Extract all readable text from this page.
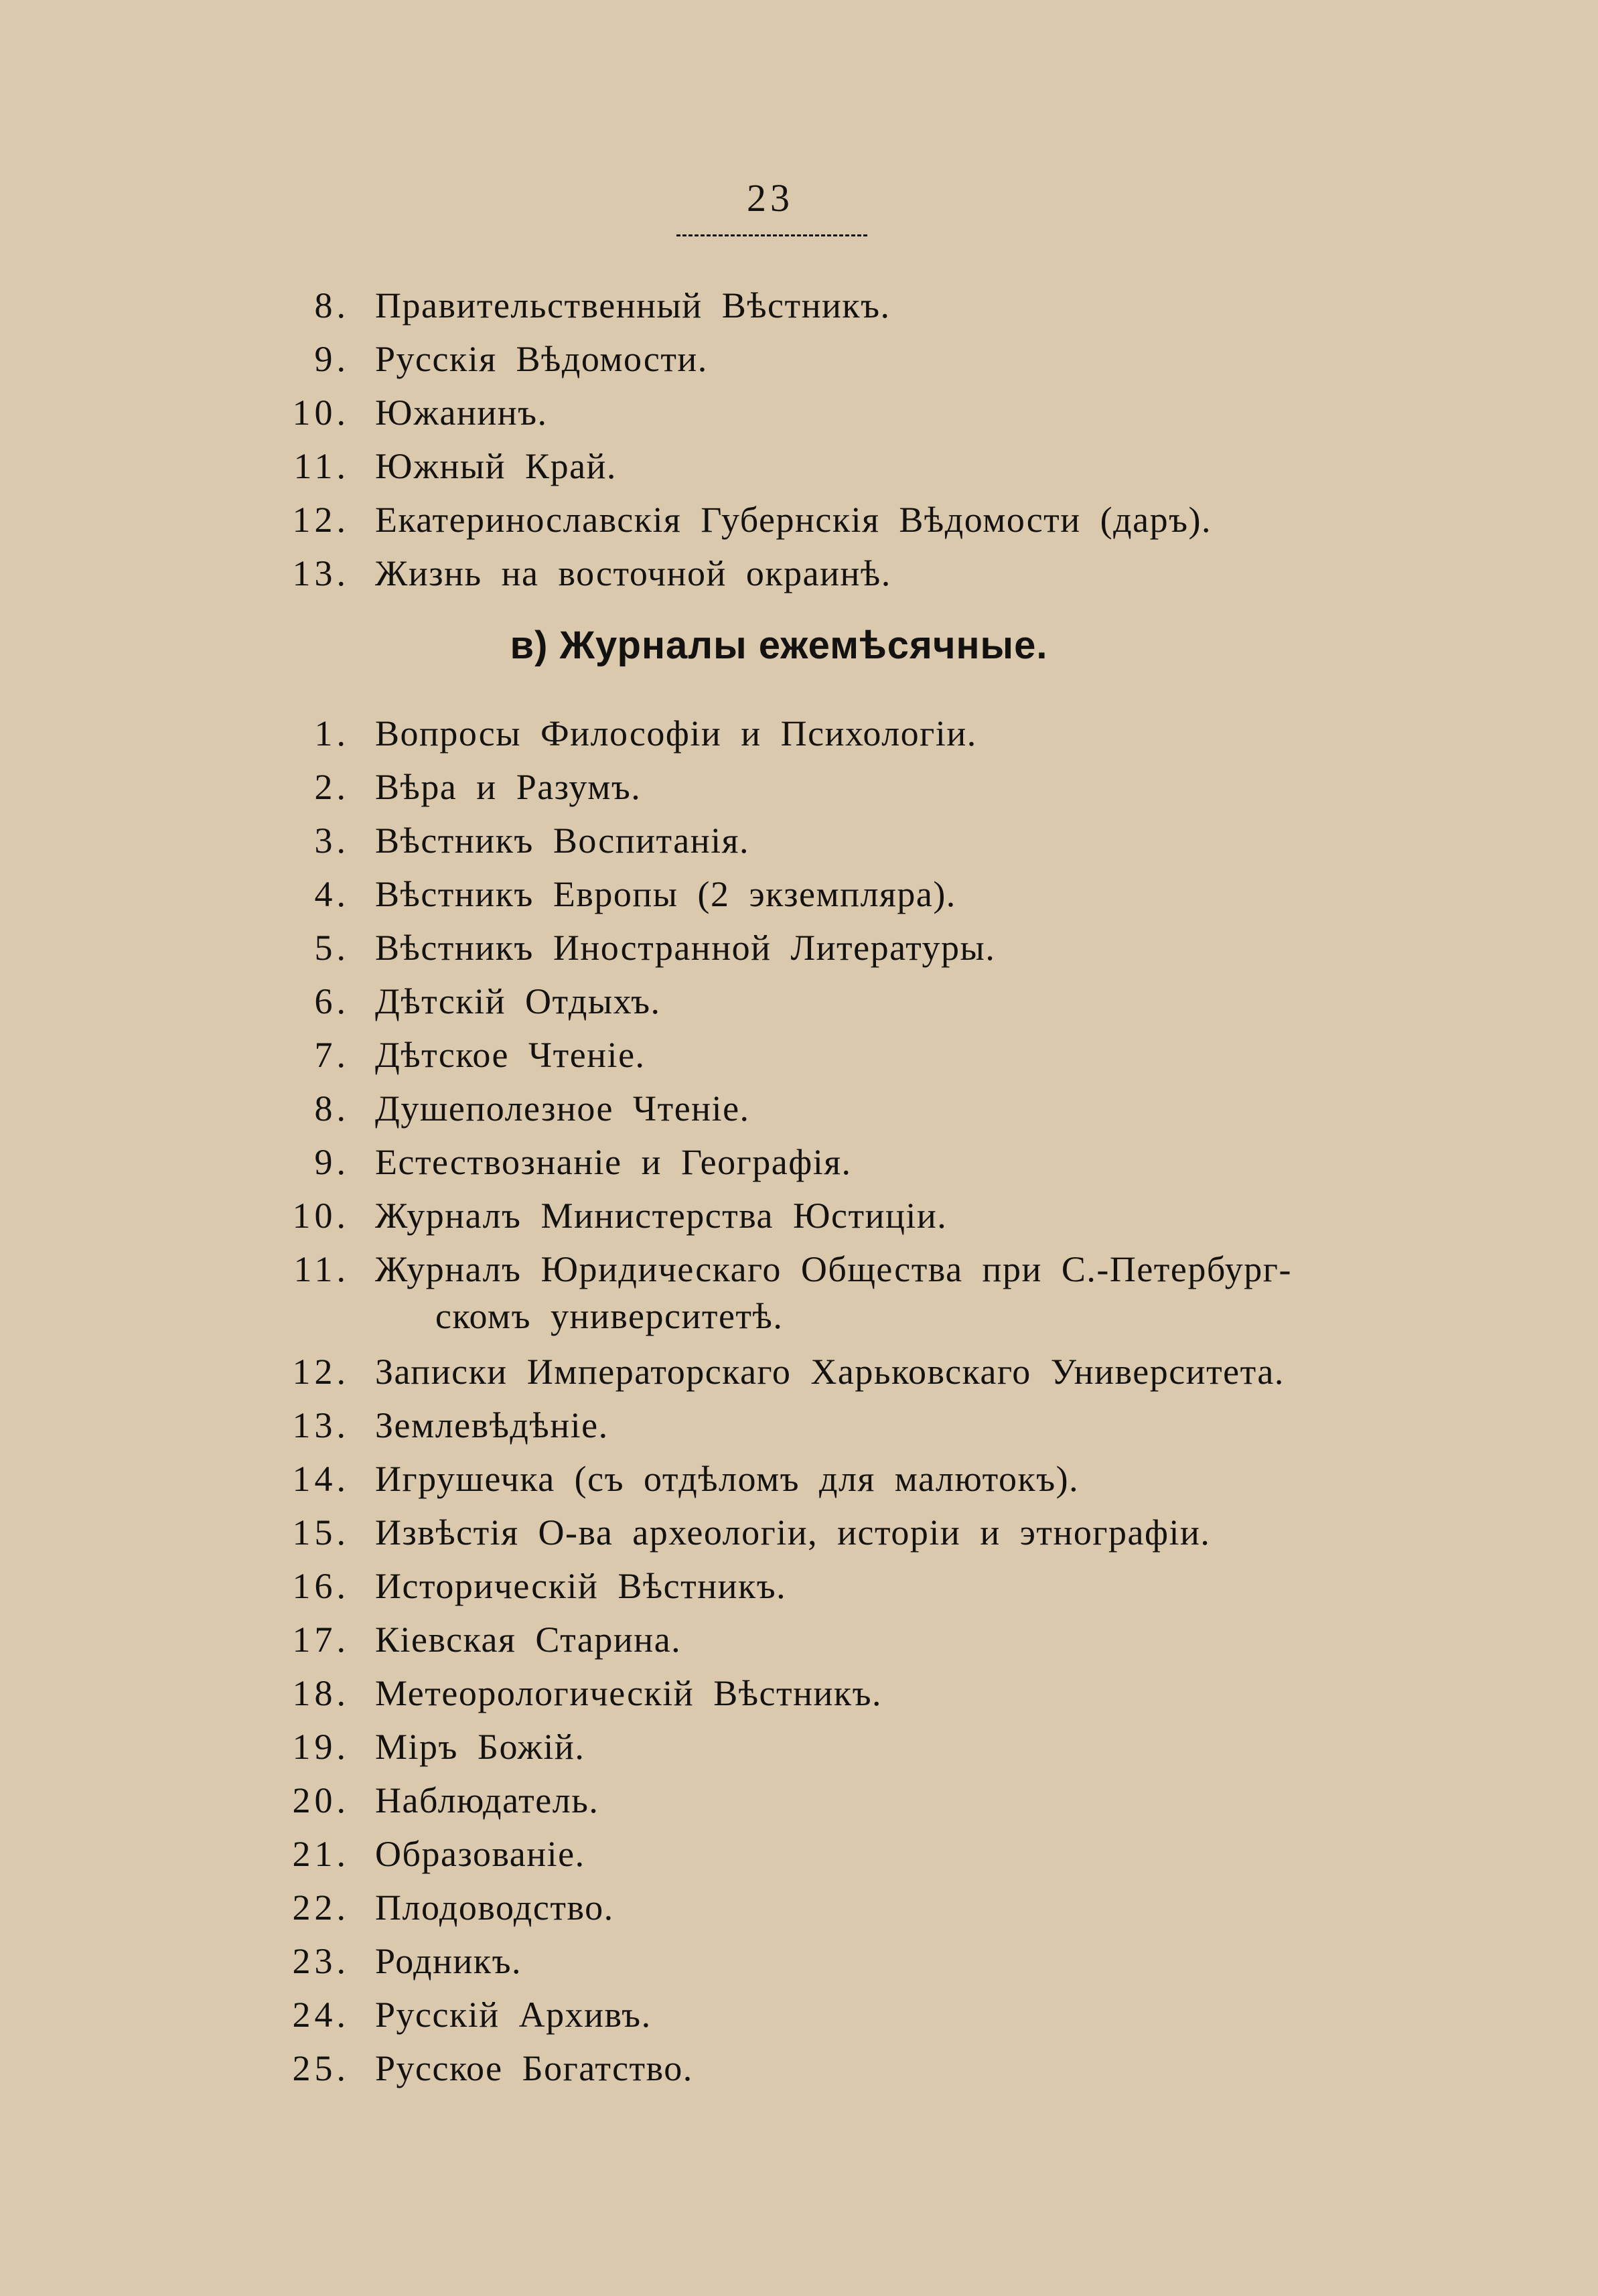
23
8. Правительственный Вѣстникъ.
9. Русскія Вѣдомости.
10. Южанинъ.
11. Южный Край.
12. Екатеринославскія Губернскія Вѣдомости (даръ).
13. Жизнь на восточной окраинѣ.
в) Журналы ежемѣсячные.
1. Вопросы Философіи и Психологіи.
2. Вѣра и Разумъ.
3. Вѣстникъ Воспитанія.
4. Вѣстникъ Европы (2 экземпляра).
5. Вѣстникъ Иностранной Литературы.
6. Дѣтскій Отдыхъ.
7. Дѣтское Чтеніе.
8. Душеполезное Чтеніе.
9. Естествознаніе и Географія.
10. Журналъ Министерства Юстиціи.
11. Журналъ Юридическаго Общества при С.-Петербург-
скомъ университетѣ.
12. Записки Императорскаго Харьковскаго Университета.
13. Землевѣдѣніе.
14. Игрушечка (съ отдѣломъ для малютокъ).
15. Извѣстія О-ва археологіи, исторіи и этнографіи.
16. Историческій Вѣстникъ.
17. Кіевская Старина.
18. Метеорологическій Вѣстникъ.
19. Міръ Божій.
20. Наблюдатель.
21. Образованіе.
22. Плодоводство.
23. Родникъ.
24. Русскій Архивъ.
25. Русское Богатство.
